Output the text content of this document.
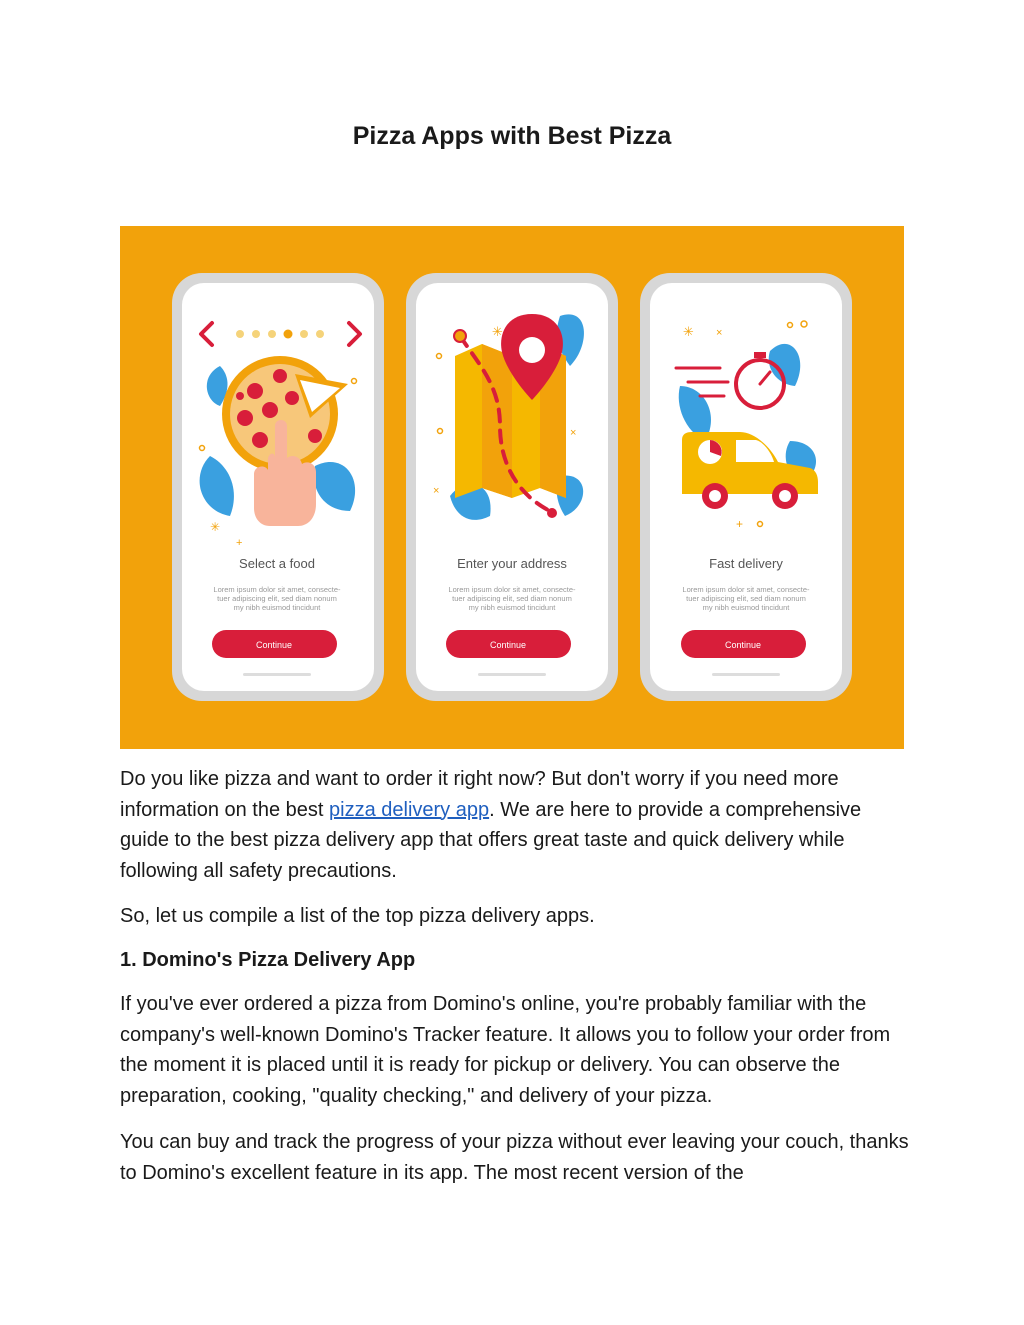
Pizza Apps with Best Pizza
✳
+
Select a food
Lorem ipsum dolor sit amet, consecte-
tuer adipiscing elit, sed diam nonum
my nibh euismod tincidunt
Continue
✳
×
×
Enter your address
Lorem ipsum dolor sit amet, consecte-
tuer adipiscing elit, sed diam nonum
my nibh euismod tincidunt
Continue
✳ ×
+
Fast delivery
Lorem ipsum dolor sit amet, consecte-
tuer adipiscing elit, sed diam nonum
my nibh euismod tincidunt
Continue

Do you like pizza and want to order it right now? But don't worry if you need more information on the best pizza delivery app. We are here to provide a comprehensive guide to the best pizza delivery app that offers great taste and quick delivery while following all safety precautions.

So, let us compile a list of the top pizza delivery apps.

1. Domino's Pizza Delivery App

If you've ever ordered a pizza from Domino's online, you're probably familiar with the company's well-known Domino's Tracker feature. It allows you to follow your order from the moment it is placed until it is ready for pickup or delivery. You can observe the preparation, cooking, "quality checking," and delivery of your pizza.

You can buy and track the progress of your pizza without ever leaving your couch, thanks to Domino's excellent feature in its app. The most recent version of the
